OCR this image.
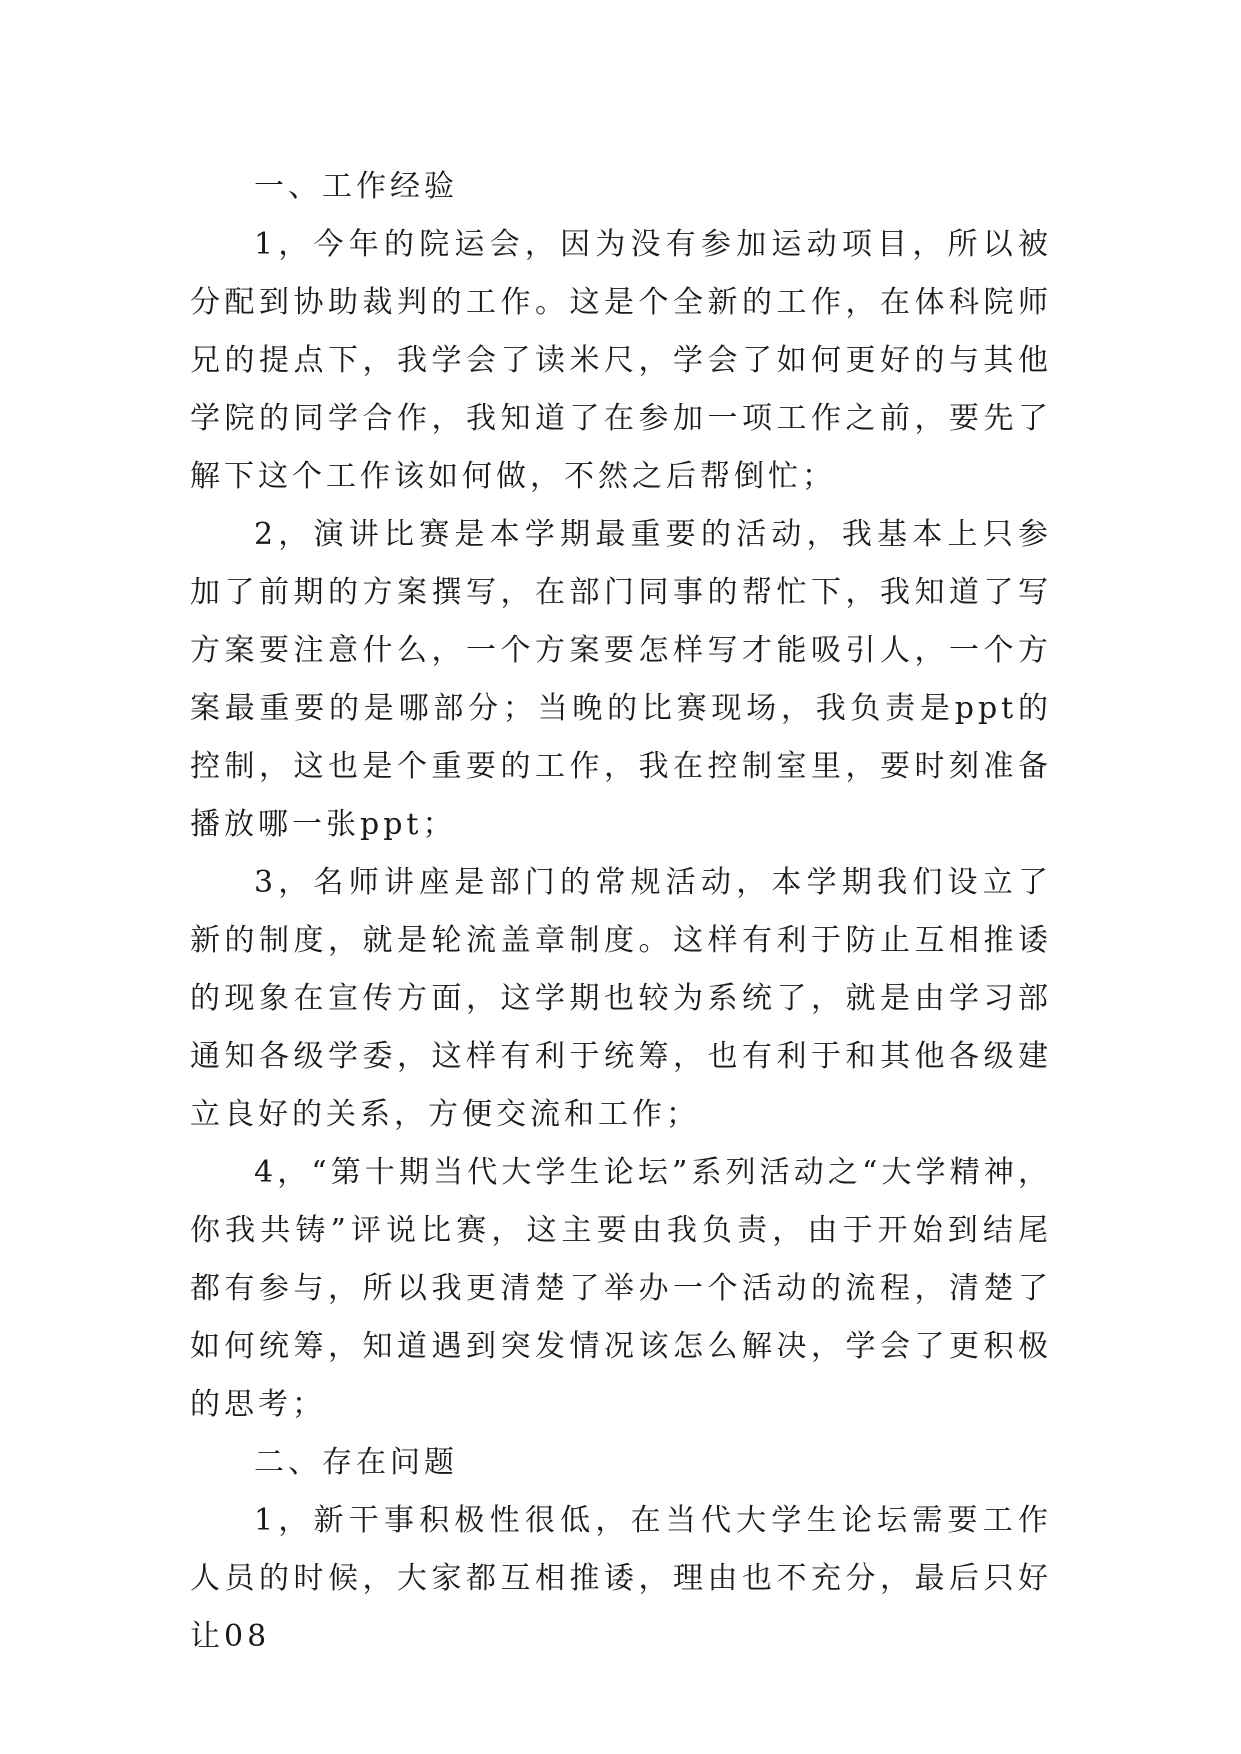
一、工作经验

1，今年的院运会，因为没有参加运动项目，所以被分配到协助裁判的工作。这是个全新的工作，在体科院师兄的提点下，我学会了读米尺，学会了如何更好的与其他学院的同学合作，我知道了在参加一项工作之前，要先了解下这个工作该如何做，不然之后帮倒忙；

2，演讲比赛是本学期最重要的活动，我基本上只参加了前期的方案撰写，在部门同事的帮忙下，我知道了写方案要注意什么，一个方案要怎样写才能吸引人，一个方案最重要的是哪部分；当晚的比赛现场，我负责是ppt的控制，这也是个重要的工作，我在控制室里，要时刻准备播放哪一张ppt；

3，名师讲座是部门的常规活动，本学期我们设立了新的制度，就是轮流盖章制度。这样有利于防止互相推诿的现象在宣传方面，这学期也较为系统了，就是由学习部通知各级学委，这样有利于统筹，也有利于和其他各级建立良好的关系，方便交流和工作；

4，“第十期当代大学生论坛”系列活动之“大学精神，你我共铸”评说比赛，这主要由我负责，由于开始到结尾都有参与，所以我更清楚了举办一个活动的流程，清楚了如何统筹，知道遇到突发情况该怎么解决，学会了更积极的思考；

二、存在问题

1，新干事积极性很低，在当代大学生论坛需要工作人员的时候，大家都互相推诿，理由也不充分，最后只好让08
